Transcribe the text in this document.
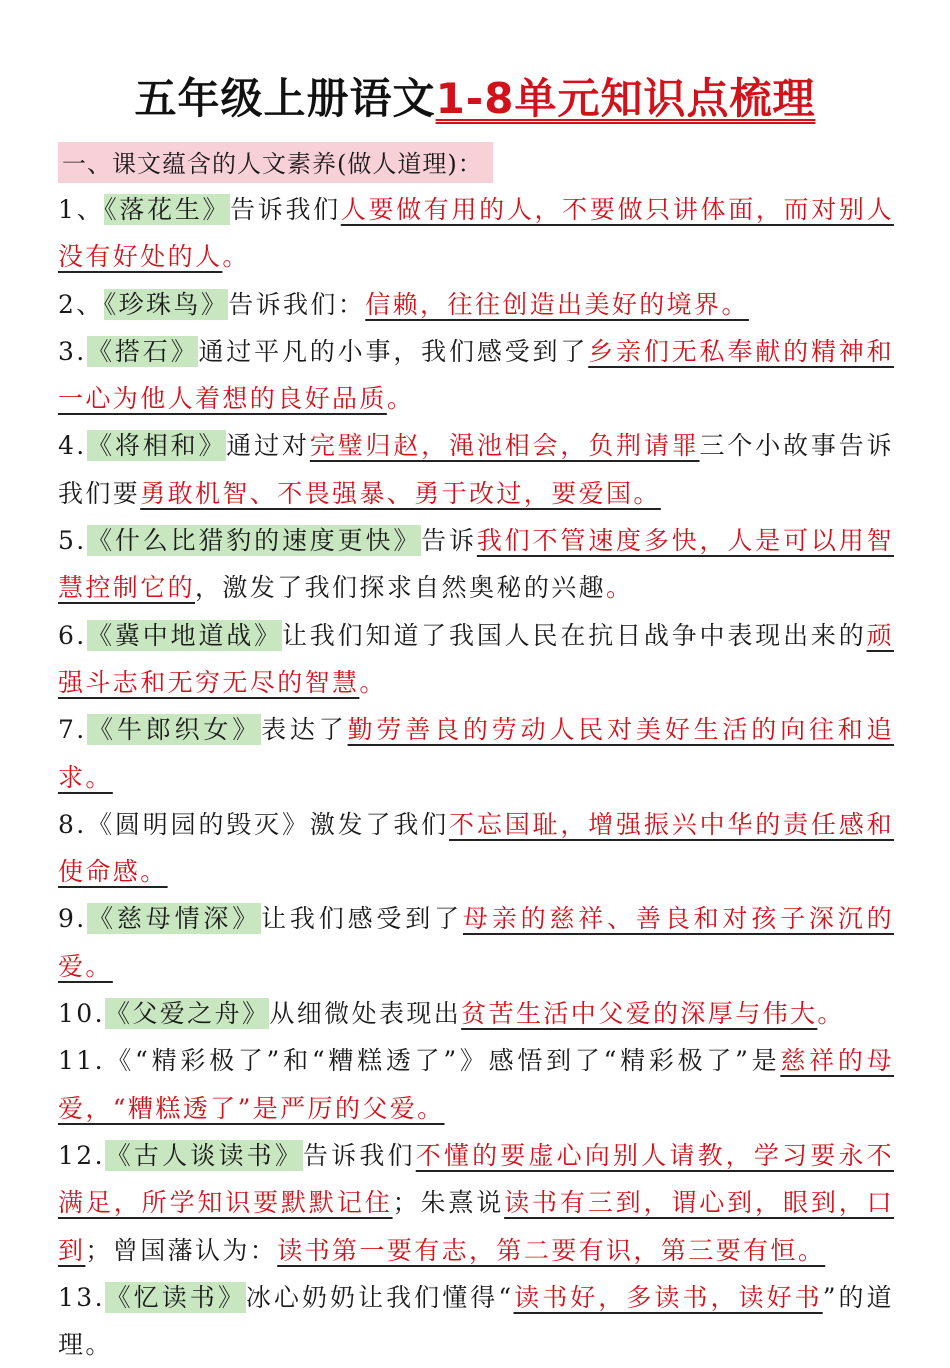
五年级上册语文1-8单元知识点梳理
一、课文蕴含的人文素养(做人道理)：
1、《落花生》告诉我们人要做有用的人，不要做只讲体面，而对别人没有好处的人。
2、《珍珠鸟》告诉我们：信赖，往往创造出美好的境界。
3.《搭石》通过平凡的小事，我们感受到了乡亲们无私奉献的精神和一心为他人着想的良好品质。
4.《将相和》通过对完璧归赵，渑池相会，负荆请罪三个小故事告诉我们要勇敢机智、不畏强暴、勇于改过，要爱国。
5.《什么比猎豹的速度更快》告诉我们不管速度多快，人是可以用智慧控制它的，激发了我们探求自然奥秘的兴趣。
6.《冀中地道战》让我们知道了我国人民在抗日战争中表现出来的顽强斗志和无穷无尽的智慧。
7.《牛郎织女》表达了勤劳善良的劳动人民对美好生活的向往和追求。
8.《圆明园的毁灭》激发了我们不忘国耻，增强振兴中华的责任感和使命感。
9.《慈母情深》让我们感受到了母亲的慈祥、善良和对孩子深沉的爱。
10.《父爱之舟》从细微处表现出贫苦生活中父爱的深厚与伟大。
11.《“精彩极了”和“糟糕透了”》感悟到了“精彩极了”是慈祥的母爱，“糟糕透了”是严厉的父爱。
12.《古人谈读书》告诉我们不懂的要虚心向别人请教，学习要永不满足，所学知识要默默记住；朱熹说读书有三到，谓心到，眼到，口到；曾国藩认为：读书第一要有志，第二要有识，第三要有恒。
13.《忆读书》冰心奶奶让我们懂得“读书好，多读书，读好书”的道理。
